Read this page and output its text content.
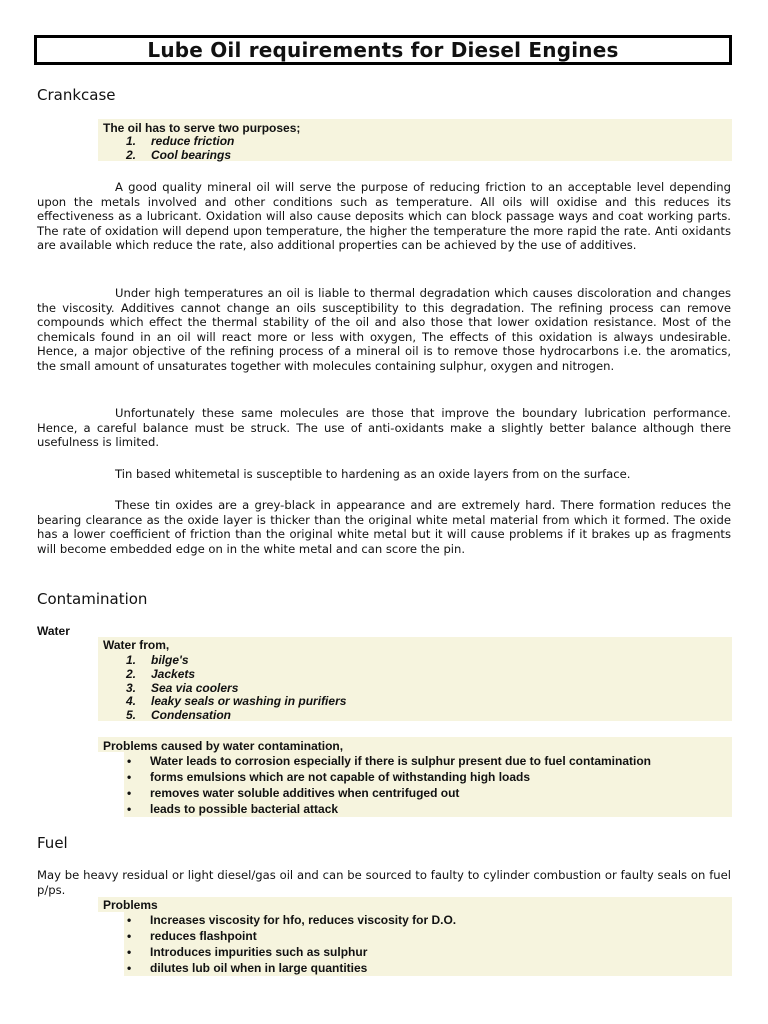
Lube Oil requirements for Diesel Engines
Crankcase
The oil has to serve two purposes;
1. reduce friction
2. Cool bearings

A good quality mineral oil will serve the purpose of reducing friction to an acceptable level depending upon the metals involved and other conditions such as temperature. All oils will oxidise and this reduces its effectiveness as a lubricant. Oxidation will also cause deposits which can block passage ways and coat working parts. The rate of oxidation will depend upon temperature, the higher the temperature the more rapid the rate. Anti oxidants are available which reduce the rate, also additional properties can be achieved by the use of additives.

Under high temperatures an oil is liable to thermal degradation which causes discoloration and changes the viscosity. Additives cannot change an oils susceptibility to this degradation. The refining process can remove compounds which effect the thermal stability of the oil and also those that lower oxidation resistance. Most of the chemicals found in an oil will react more or less with oxygen, The effects of this oxidation is always undesirable. Hence, a major objective of the refining process of a mineral oil is to remove those hydrocarbons i.e. the aromatics, the small amount of unsaturates together with molecules containing sulphur, oxygen and nitrogen.

Unfortunately these same molecules are those that improve the boundary lubrication performance. Hence, a careful balance must be struck. The use of anti-oxidants make a slightly better balance although there usefulness is limited.

Tin based whitemetal is susceptible to hardening as an oxide layers from on the surface.

These tin oxides are a grey-black in appearance and are extremely hard. There formation reduces the bearing clearance as the oxide layer is thicker than the original white metal material from which it formed. The oxide has a lower coefficient of friction than the original white metal but it will cause problems if it brakes up as fragments will become embedded edge on in the white metal and can score the pin.

Contamination
Water
Water from,
1. bilge's
2. Jackets
3. Sea via coolers
4. leaky seals or washing in purifiers
5. Condensation
Problems caused by water contamination,
• Water leads to corrosion especially if there is sulphur present due to fuel contamination
• forms emulsions which are not capable of withstanding high loads
• removes water soluble additives when centrifuged out
• leads to possible bacterial attack
Fuel

May be heavy residual or light diesel/gas oil and can be sourced to faulty to cylinder combustion or faulty seals on fuel p/ps.

Problems
• Increases viscosity for hfo, reduces viscosity for D.O.
• reduces flashpoint
• Introduces impurities such as sulphur
• dilutes lub oil when in large quantities
